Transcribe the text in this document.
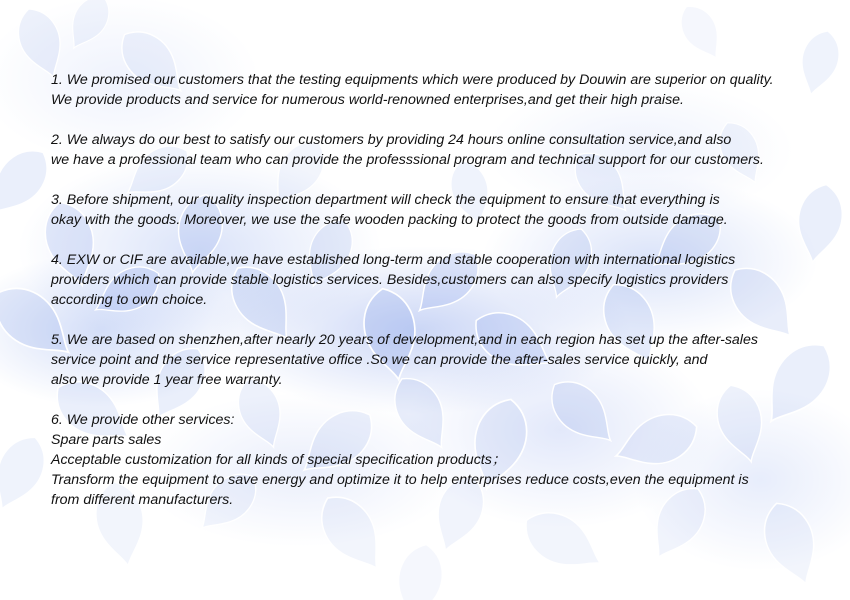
1. We promised our customers that the testing equipments which were produced by Douwin are superior on quality.
We provide products and service for numerous world-renowned enterprises,and get their high praise.
2. We always do our best to satisfy our customers by providing 24 hours online consultation service,and also
we have a professional team who can provide the professsional program and technical support for our customers.
3. Before shipment, our quality inspection department will check the equipment to ensure that everything is
okay with the goods. Moreover, we use the safe wooden packing to protect the goods from outside damage.
4. EXW or CIF are available,we have established long-term and stable cooperation with international logistics
providers which can provide stable logistics services. Besides,customers can also specify logistics providers
according to own choice.
5. We are based on shenzhen,after nearly 20 years of development,and in each region has set up the after-sales
service point and the service representative office .So we can provide the after-sales service quickly, and
also we provide 1 year free warranty.
6. We provide other services:
Spare parts sales
Acceptable customization for all kinds of special specification products；
Transform the equipment to save energy and optimize it to help enterprises reduce costs,even the equipment is
from different manufacturers.
